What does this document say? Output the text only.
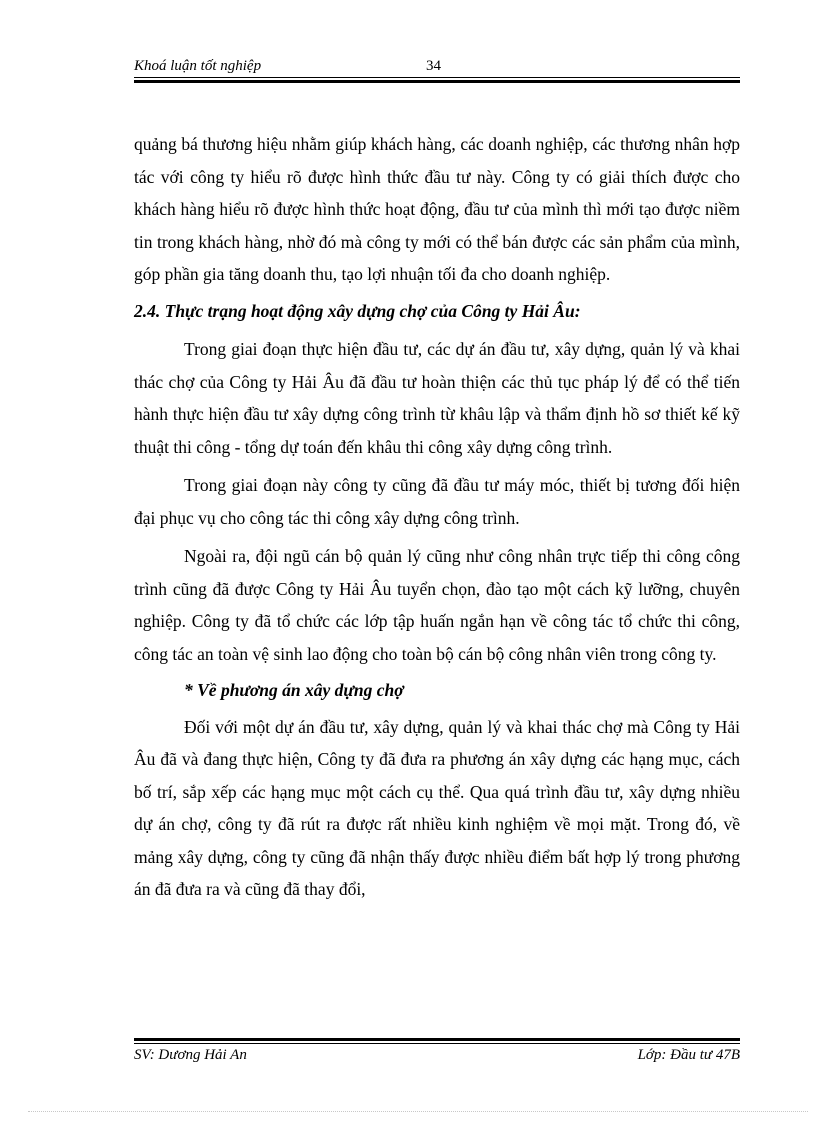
Khoá luận tốt nghiệp	34

quảng bá thương hiệu nhằm giúp khách hàng, các doanh nghiệp, các thương nhân hợp tác với công ty hiểu rõ được hình thức đầu tư này. Công ty có giải thích được cho khách hàng hiểu rõ được hình thức hoạt động, đầu tư của mình thì mới tạo được niềm tin trong khách hàng, nhờ đó mà công ty mới có thể bán được các sản phẩm của mình, góp phần gia tăng doanh thu, tạo lợi nhuận tối đa cho doanh nghiệp.

2.4. Thực trạng hoạt động xây dựng chợ của Công ty Hải Âu:

Trong giai đoạn thực hiện đầu tư, các dự án đầu tư, xây dựng, quản lý và khai thác chợ của Công ty Hải Âu đã đầu tư hoàn thiện các thủ tục pháp lý để có thể tiến hành thực hiện đầu tư xây dựng công trình từ khâu lập và thẩm định hồ sơ thiết kế kỹ thuật thi công - tổng dự toán đến khâu thi công xây dựng công trình.

Trong giai đoạn này công ty cũng đã đầu tư máy móc, thiết bị tương đối hiện đại phục vụ cho công tác thi công xây dựng công trình.

Ngoài ra, đội ngũ cán bộ quản lý cũng như công nhân trực tiếp thi công công trình cũng đã được Công ty Hải Âu tuyển chọn, đào tạo một cách kỹ lưỡng, chuyên nghiệp. Công ty đã tổ chức các lớp tập huấn ngắn hạn về công tác tổ chức thi công, công tác an toàn vệ sinh lao động cho toàn bộ cán bộ công nhân viên trong công ty.

* Về phương án xây dựng chợ

Đối với một dự án đầu tư, xây dựng, quản lý và khai thác chợ mà Công ty Hải Âu đã và đang thực hiện, Công ty đã đưa ra phương án xây dựng các hạng mục, cách bố trí, sắp xếp các hạng mục một cách cụ thể. Qua quá trình đầu tư, xây dựng nhiều dự án chợ, công ty đã rút ra được rất nhiều kinh nghiệm về mọi mặt. Trong đó, về mảng xây dựng, công ty cũng đã nhận thấy được nhiều điểm bất hợp lý trong phương án đã đưa ra và cũng đã thay đổi,

SV: Dương Hải An	Lớp: Đầu tư 47B
